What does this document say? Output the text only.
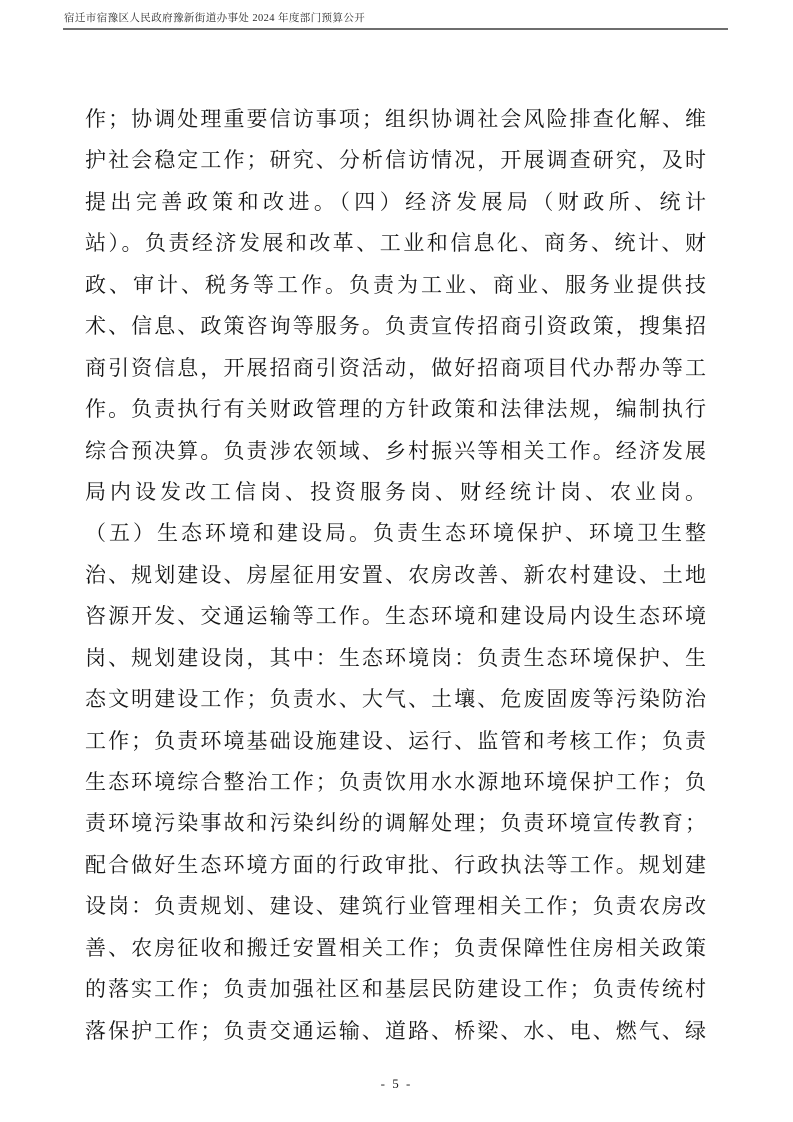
宿迁市宿豫区人民政府豫新街道办事处 2024 年度部门预算公开
作；协调处理重要信访事项；组织协调社会风险排查化解、维
护社会稳定工作；研究、分析信访情况，开展调查研究，及时
提出完善政策和改进。（四）经济发展局（财政所、统计
站）。负责经济发展和改革、工业和信息化、商务、统计、财
政、审计、税务等工作。负责为工业、商业、服务业提供技
术、信息、政策咨询等服务。负责宣传招商引资政策，搜集招
商引资信息，开展招商引资活动，做好招商项目代办帮办等工
作。负责执行有关财政管理的方针政策和法律法规，编制执行
综合预决算。负责涉农领域、乡村振兴等相关工作。经济发展
局内设发改工信岗、投资服务岗、财经统计岗、农业岗。
（五）生态环境和建设局。负责生态环境保护、环境卫生整
治、规划建设、房屋征用安置、农房改善、新农村建设、土地
咨源开发、交通运输等工作。生态环境和建设局内设生态环境
岗、规划建设岗，其中：生态环境岗：负责生态环境保护、生
态文明建设工作；负责水、大气、土壤、危废固废等污染防治
工作；负责环境基础设施建设、运行、监管和考核工作；负责
生态环境综合整治工作；负责饮用水水源地环境保护工作；负
责环境污染事故和污染纠纷的调解处理；负责环境宣传教育；
配合做好生态环境方面的行政审批、行政执法等工作。规划建
设岗：负责规划、建设、建筑行业管理相关工作；负责农房改
善、农房征收和搬迁安置相关工作；负责保障性住房相关政策
的落实工作；负责加强社区和基层民防建设工作；负责传统村
落保护工作；负责交通运输、道路、桥梁、水、电、燃气、绿
- 5 -
